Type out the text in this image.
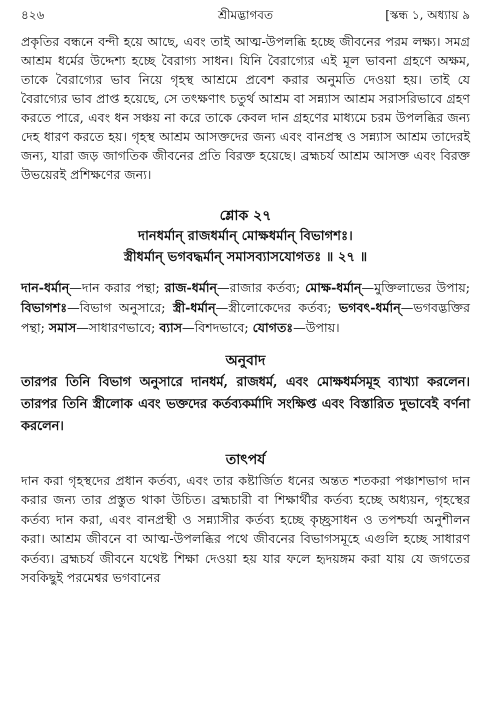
৪২৬	শ্রীমদ্ভাগবত	[স্কন্ধ ১, অধ্যায় ৯

প্রকৃতির বন্ধনে বন্দী হয়ে আছে, এবং তাই আত্ম-উপলব্ধি হচ্ছে জীবনের পরম লক্ষ্য। সমগ্র আশ্রম ধর্মের উদ্দেশ্য হচ্ছে বৈরাগ্য সাধন। যিনি বৈরাগ্যের এই মূল ভাবনা গ্রহণে অক্ষম, তাকে বৈরাগ্যের ভাব নিয়ে গৃহস্থ আশ্রমে প্রবেশ করার অনুমতি দেওয়া হয়। তাই যে বৈরাগ্যের ভাব প্রাপ্ত হয়েছে, সে তৎক্ষণাৎ চতুর্থ আশ্রম বা সন্ন্যাস আশ্রম সরাসরিভাবে গ্রহণ করতে পারে, এবং ধন সঞ্চয় না করে তাকে কেবল দান গ্রহণের মাধ্যমে চরম উপলব্ধির জন্য দেহ ধারণ করতে হয়। গৃহস্থ আশ্রম আসক্তদের জন্য এবং বানপ্রস্থ ও সন্ন্যাস আশ্রম তাদেরই জন্য, যারা জড় জাগতিক জীবনের প্রতি বিরক্ত হয়েছে। ব্রহ্মচর্য আশ্রম আসক্ত এবং বিরক্ত উভয়েরই প্রশিক্ষণের জন্য।

শ্লোক ২৭

দানধর্মান্ রাজধর্মান্ মোক্ষধর্মান্ বিভাগশঃ।

স্ত্রীধর্মান্ ভগবদ্ধর্মান্ সমাসব্যাসযোগতঃ ॥ ২৭ ॥

দান-ধর্মান্—দান করার পন্থা; রাজ-ধর্মান্—রাজার কর্তব্য; মোক্ষ-ধর্মান্—মুক্তিলাভের উপায়; বিভাগশঃ—বিভাগ অনুসারে; স্ত্রী-ধর্মান্—স্ত্রীলোকেদের কর্তব্য; ভগবৎ-ধর্মান্—ভগবদ্ভক্তির পন্থা; সমাস—সাধারণভাবে; ব্যাস—বিশদভাবে; যোগতঃ—উপায়।

অনুবাদ

তারপর তিনি বিভাগ অনুসারে দানধর্ম, রাজধর্ম, এবং মোক্ষধর্মসমূহ ব্যাখ্যা করলেন। তারপর তিনি স্ত্রীলোক এবং ভক্তদের কর্তব্যকর্মাদি সংক্ষিপ্ত এবং বিস্তারিত দুভাবেই বর্ণনা করলেন।

তাৎপর্য

দান করা গৃহস্থদের প্রধান কর্তব্য, এবং তার কষ্টার্জিত ধনের অন্তত শতকরা পঞ্চাশভাগ দান করার জন্য তার প্রস্তুত থাকা উচিত। ব্রহ্মচারী বা শিক্ষার্থীর কর্তব্য হচ্ছে অধ্যয়ন, গৃহস্থের কর্তব্য দান করা, এবং বানপ্রস্থী ও সন্ন্যাসীর কর্তব্য হচ্ছে কৃচ্ছ্রসাধন ও তপশ্চর্যা অনুশীলন করা। আশ্রম জীবনে বা আত্ম-উপলব্ধির পথে জীবনের বিভাগসমূহে এগুলি হচ্ছে সাধারণ কর্তব্য। ব্রহ্মচর্য জীবনে যথেষ্ট শিক্ষা দেওয়া হয় যার ফলে হৃদয়ঙ্গম করা যায় যে জগতের সবকিছুই পরমেশ্বর ভগবানের
